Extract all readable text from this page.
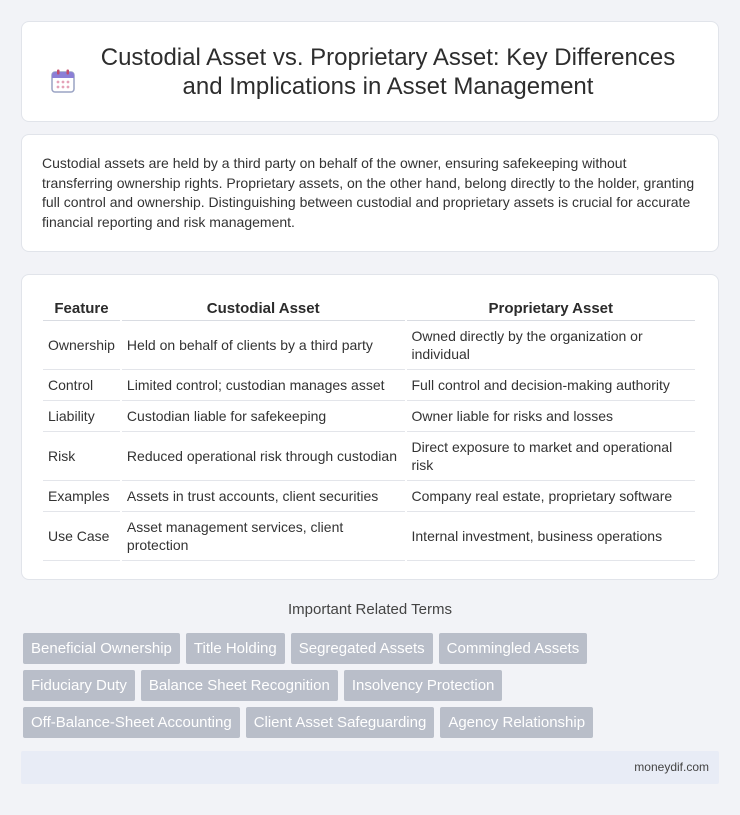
Custodial Asset vs. Proprietary Asset: Key Differences and Implications in Asset Management

Custodial assets are held by a third party on behalf of the owner, ensuring safekeeping without transferring ownership rights. Proprietary assets, on the other hand, belong directly to the holder, granting full control and ownership. Distinguishing between custodial and proprietary assets is crucial for accurate financial reporting and risk management.

Feature	Custodial Asset	Proprietary Asset
Ownership	Held on behalf of clients by a third party	Owned directly by the organization or individual
Control	Limited control; custodian manages asset	Full control and decision-making authority
Liability	Custodian liable for safekeeping	Owner liable for risks and losses
Risk	Reduced operational risk through custodian	Direct exposure to market and operational risk
Examples	Assets in trust accounts, client securities	Company real estate, proprietary software
Use Case	Asset management services, client protection	Internal investment, business operations
Important Related Terms
Beneficial Ownership	Title Holding	Segregated Assets	Commingled Assets
Fiduciary Duty	Balance Sheet Recognition	Insolvency Protection
Off-Balance-Sheet Accounting	Client Asset Safeguarding	Agency Relationship
moneydif.com
